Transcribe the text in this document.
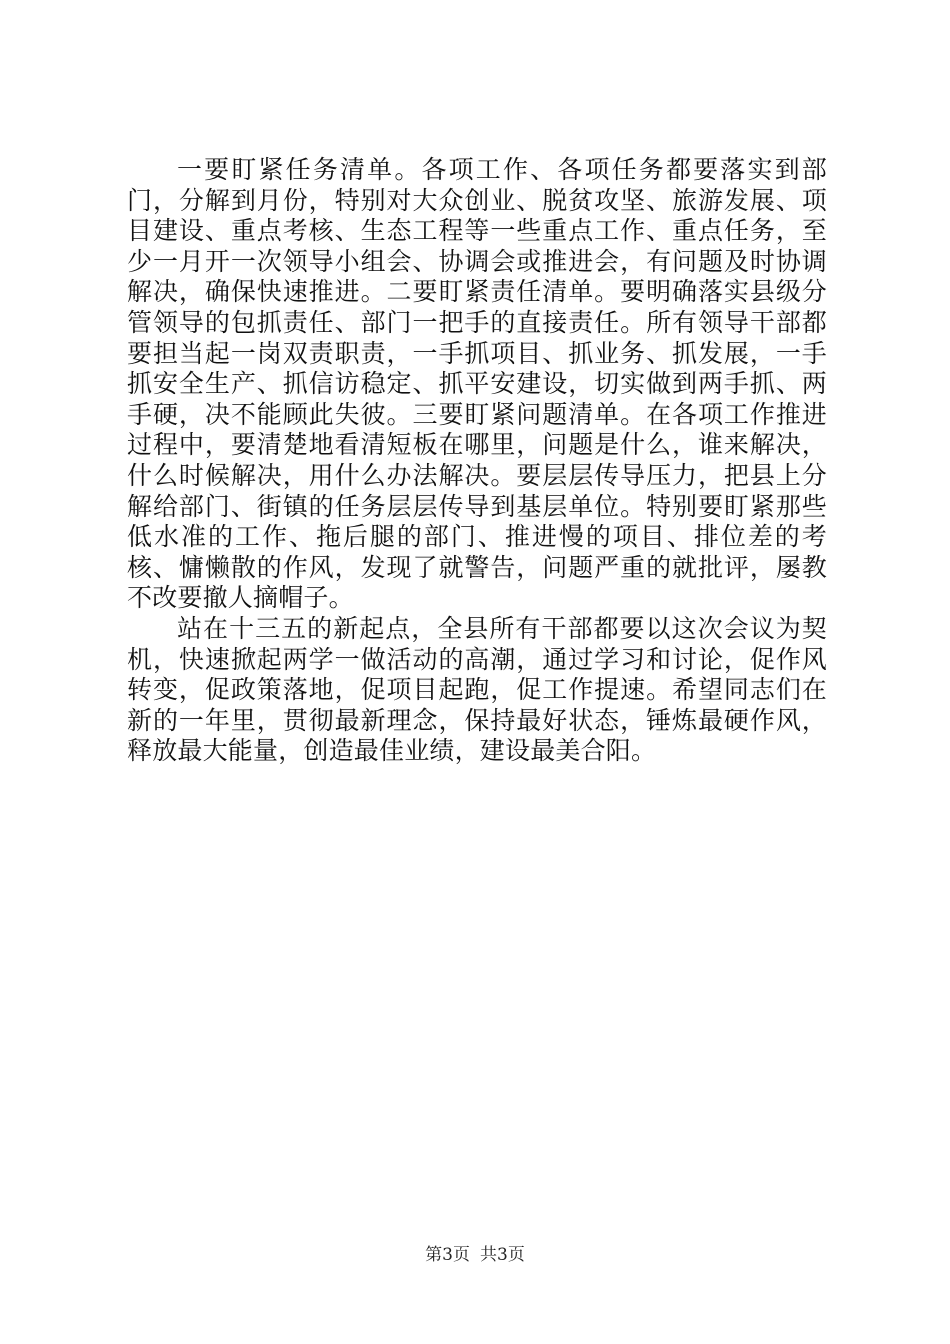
一要盯紧任务清单。各项工作、各项任务都要落实到部门，分解到月份，特别对大众创业、脱贫攻坚、旅游发展、项目建设、重点考核、生态工程等一些重点工作、重点任务，至少一月开一次领导小组会、协调会或推进会，有问题及时协调解决，确保快速推进。二要盯紧责任清单。要明确落实县级分管领导的包抓责任、部门一把手的直接责任。所有领导干部都要担当起一岗双责职责，一手抓项目、抓业务、抓发展，一手抓安全生产、抓信访稳定、抓平安建设，切实做到两手抓、两手硬，决不能顾此失彼。三要盯紧问题清单。在各项工作推进过程中，要清楚地看清短板在哪里，问题是什么，谁来解决，什么时候解决，用什么办法解决。要层层传导压力，把县上分解给部门、街镇的任务层层传导到基层单位。特别要盯紧那些低水准的工作、拖后腿的部门、推进慢的项目、排位差的考核、慵懒散的作风，发现了就警告，问题严重的就批评，屡教不改要撤人摘帽子。

站在十三五的新起点，全县所有干部都要以这次会议为契机，快速掀起两学一做活动的高潮，通过学习和讨论，促作风转变，促政策落地，促项目起跑，促工作提速。希望同志们在新的一年里，贯彻最新理念，保持最好状态，锤炼最硬作风，释放最大能量，创造最佳业绩，建设最美合阳。

第3页 共3页
